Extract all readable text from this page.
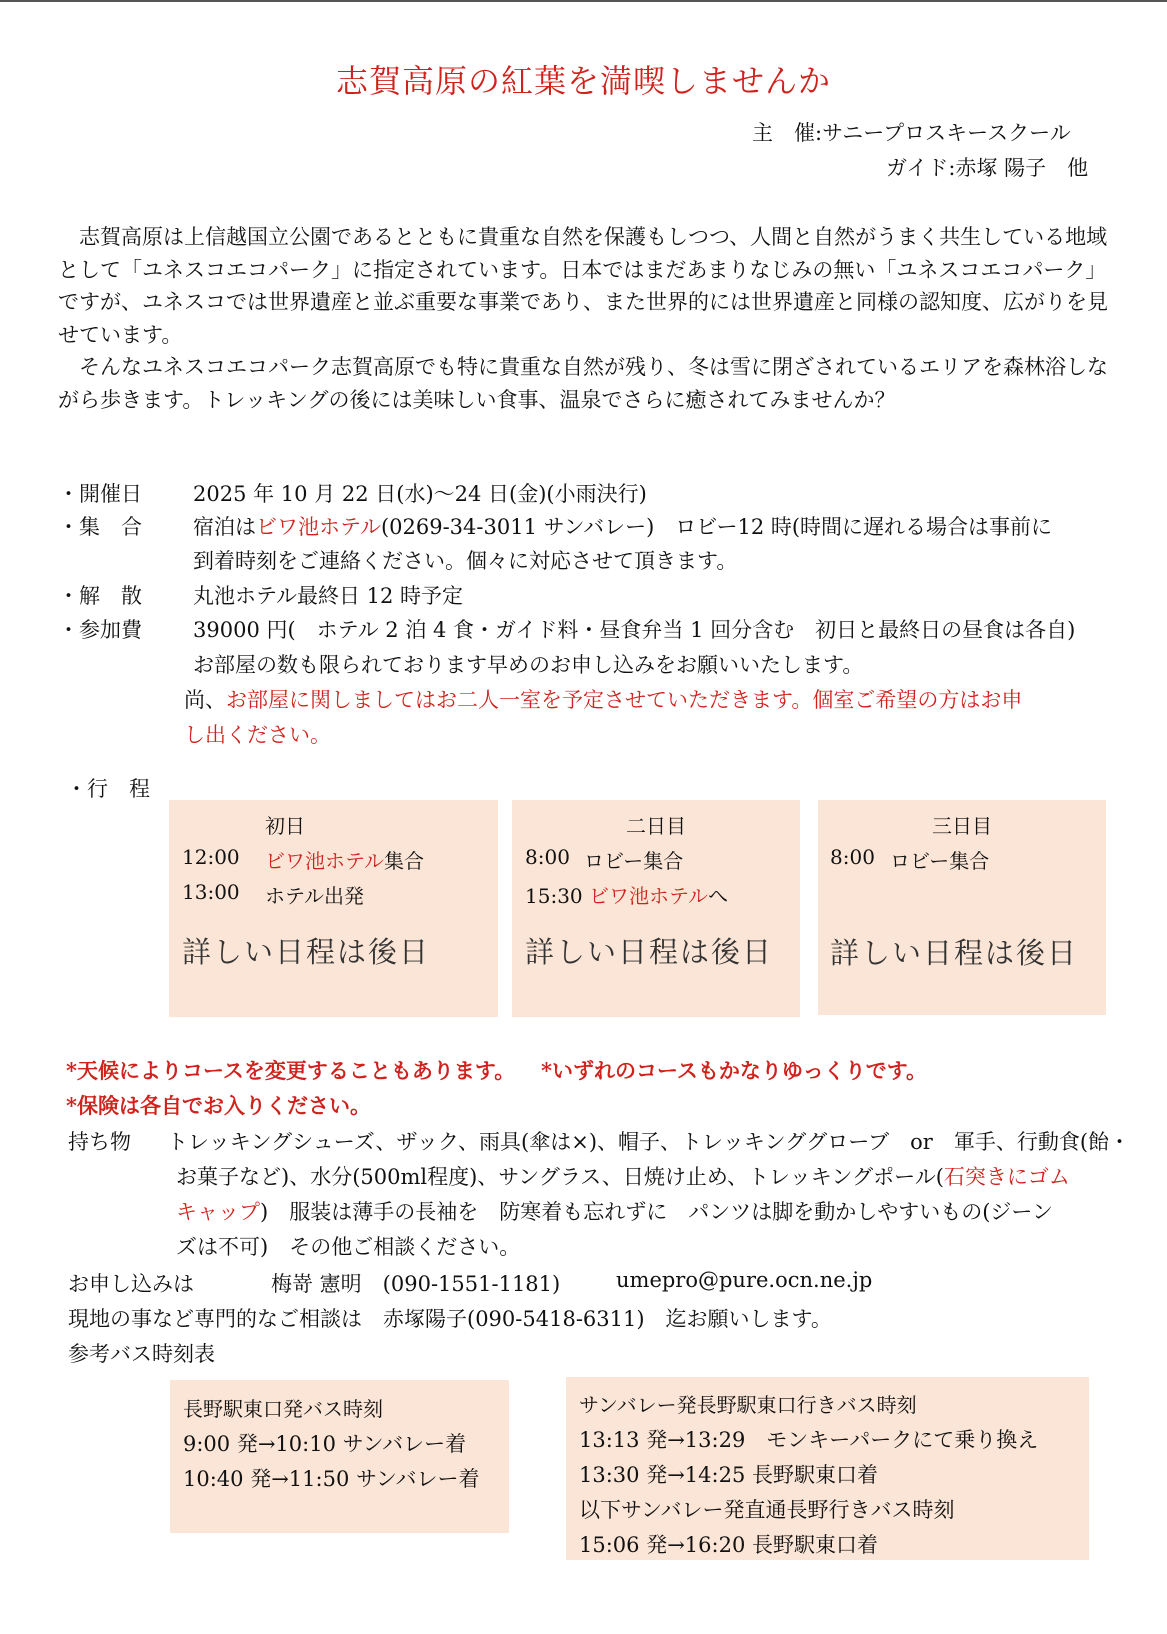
志賀高原の紅葉を満喫しませんか
主　催:サニープロスキースクール
ガイド:赤塚 陽子　他

志賀高原は上信越国立公園であるとともに貴重な自然を保護もしつつ、人間と自然がうまく共生している地域として「ユネスコエコパーク」に指定されています。日本ではまだあまりなじみの無い「ユネスコエコパーク」ですが、ユネスコでは世界遺産と並ぶ重要な事業であり、また世界的には世界遺産と同様の認知度、広がりを見せています。

そんなユネスコエコパーク志賀高原でも特に貴重な自然が残り、冬は雪に閉ざされているエリアを森林浴しながら歩きます。トレッキングの後には美味しい食事、温泉でさらに癒されてみませんか？

・開催日 2025 年 10 月 22 日(水)〜24 日(金)(小雨決行)
・集　合 宿泊はビワ池ホテル(0269-34-3011 サンバレー)　ロビー12 時(時間に遅れる場合は事前に
到着時刻をご連絡ください。個々に対応させて頂きます。
・解　散 丸池ホテル最終日 12 時予定
・参加費 39000 円(　ホテル 2 泊 4 食・ガイド料・昼食弁当 1 回分含む　初日と最終日の昼食は各自)
お部屋の数も限られております早めのお申し込みをお願いいたします。
尚、お部屋に関しましてはお二人一室を予定させていただきます。個室ご希望の方はお申
し出ください。
・行　程
初日
12:00 ビワ池ホテル集合
13:00 ホテル出発
詳しい日程は後日
二日目
8:00 ロビー集合
15:30 ビワ池ホテルへ
詳しい日程は後日
三日目
8:00 ロビー集合
詳しい日程は後日
*天候によりコースを変更することもあります。 *いずれのコースもかなりゆっくりです。
*保険は各自でお入りください。
持ち物 トレッキングシューズ、ザック、雨具(傘は×)、帽子、トレッキンググローブ　or　軍手、行動食(飴・
お菓子など)、水分(500ml程度)、サングラス、日焼け止め、トレッキングポール(石突きにゴム
キャップ)　服装は薄手の長袖を　防寒着も忘れずに　パンツは脚を動かしやすいもの(ジーン
ズは不可)　その他ご相談ください。
お申し込みは	梅嵜 憲明　(090-1551-1181)	umepro@pure.ocn.ne.jp
現地の事など専門的なご相談は　赤塚陽子(090-5418-6311)　迄お願いします。
参考バス時刻表
長野駅東口発バス時刻
9:00 発→10:10 サンバレー着
10:40 発→11:50 サンバレー着
サンバレー発長野駅東口行きバス時刻
13:13 発→13:29　モンキーパークにて乗り換え
13:30 発→14:25 長野駅東口着
以下サンバレー発直通長野行きバス時刻
15:06 発→16:20 長野駅東口着
